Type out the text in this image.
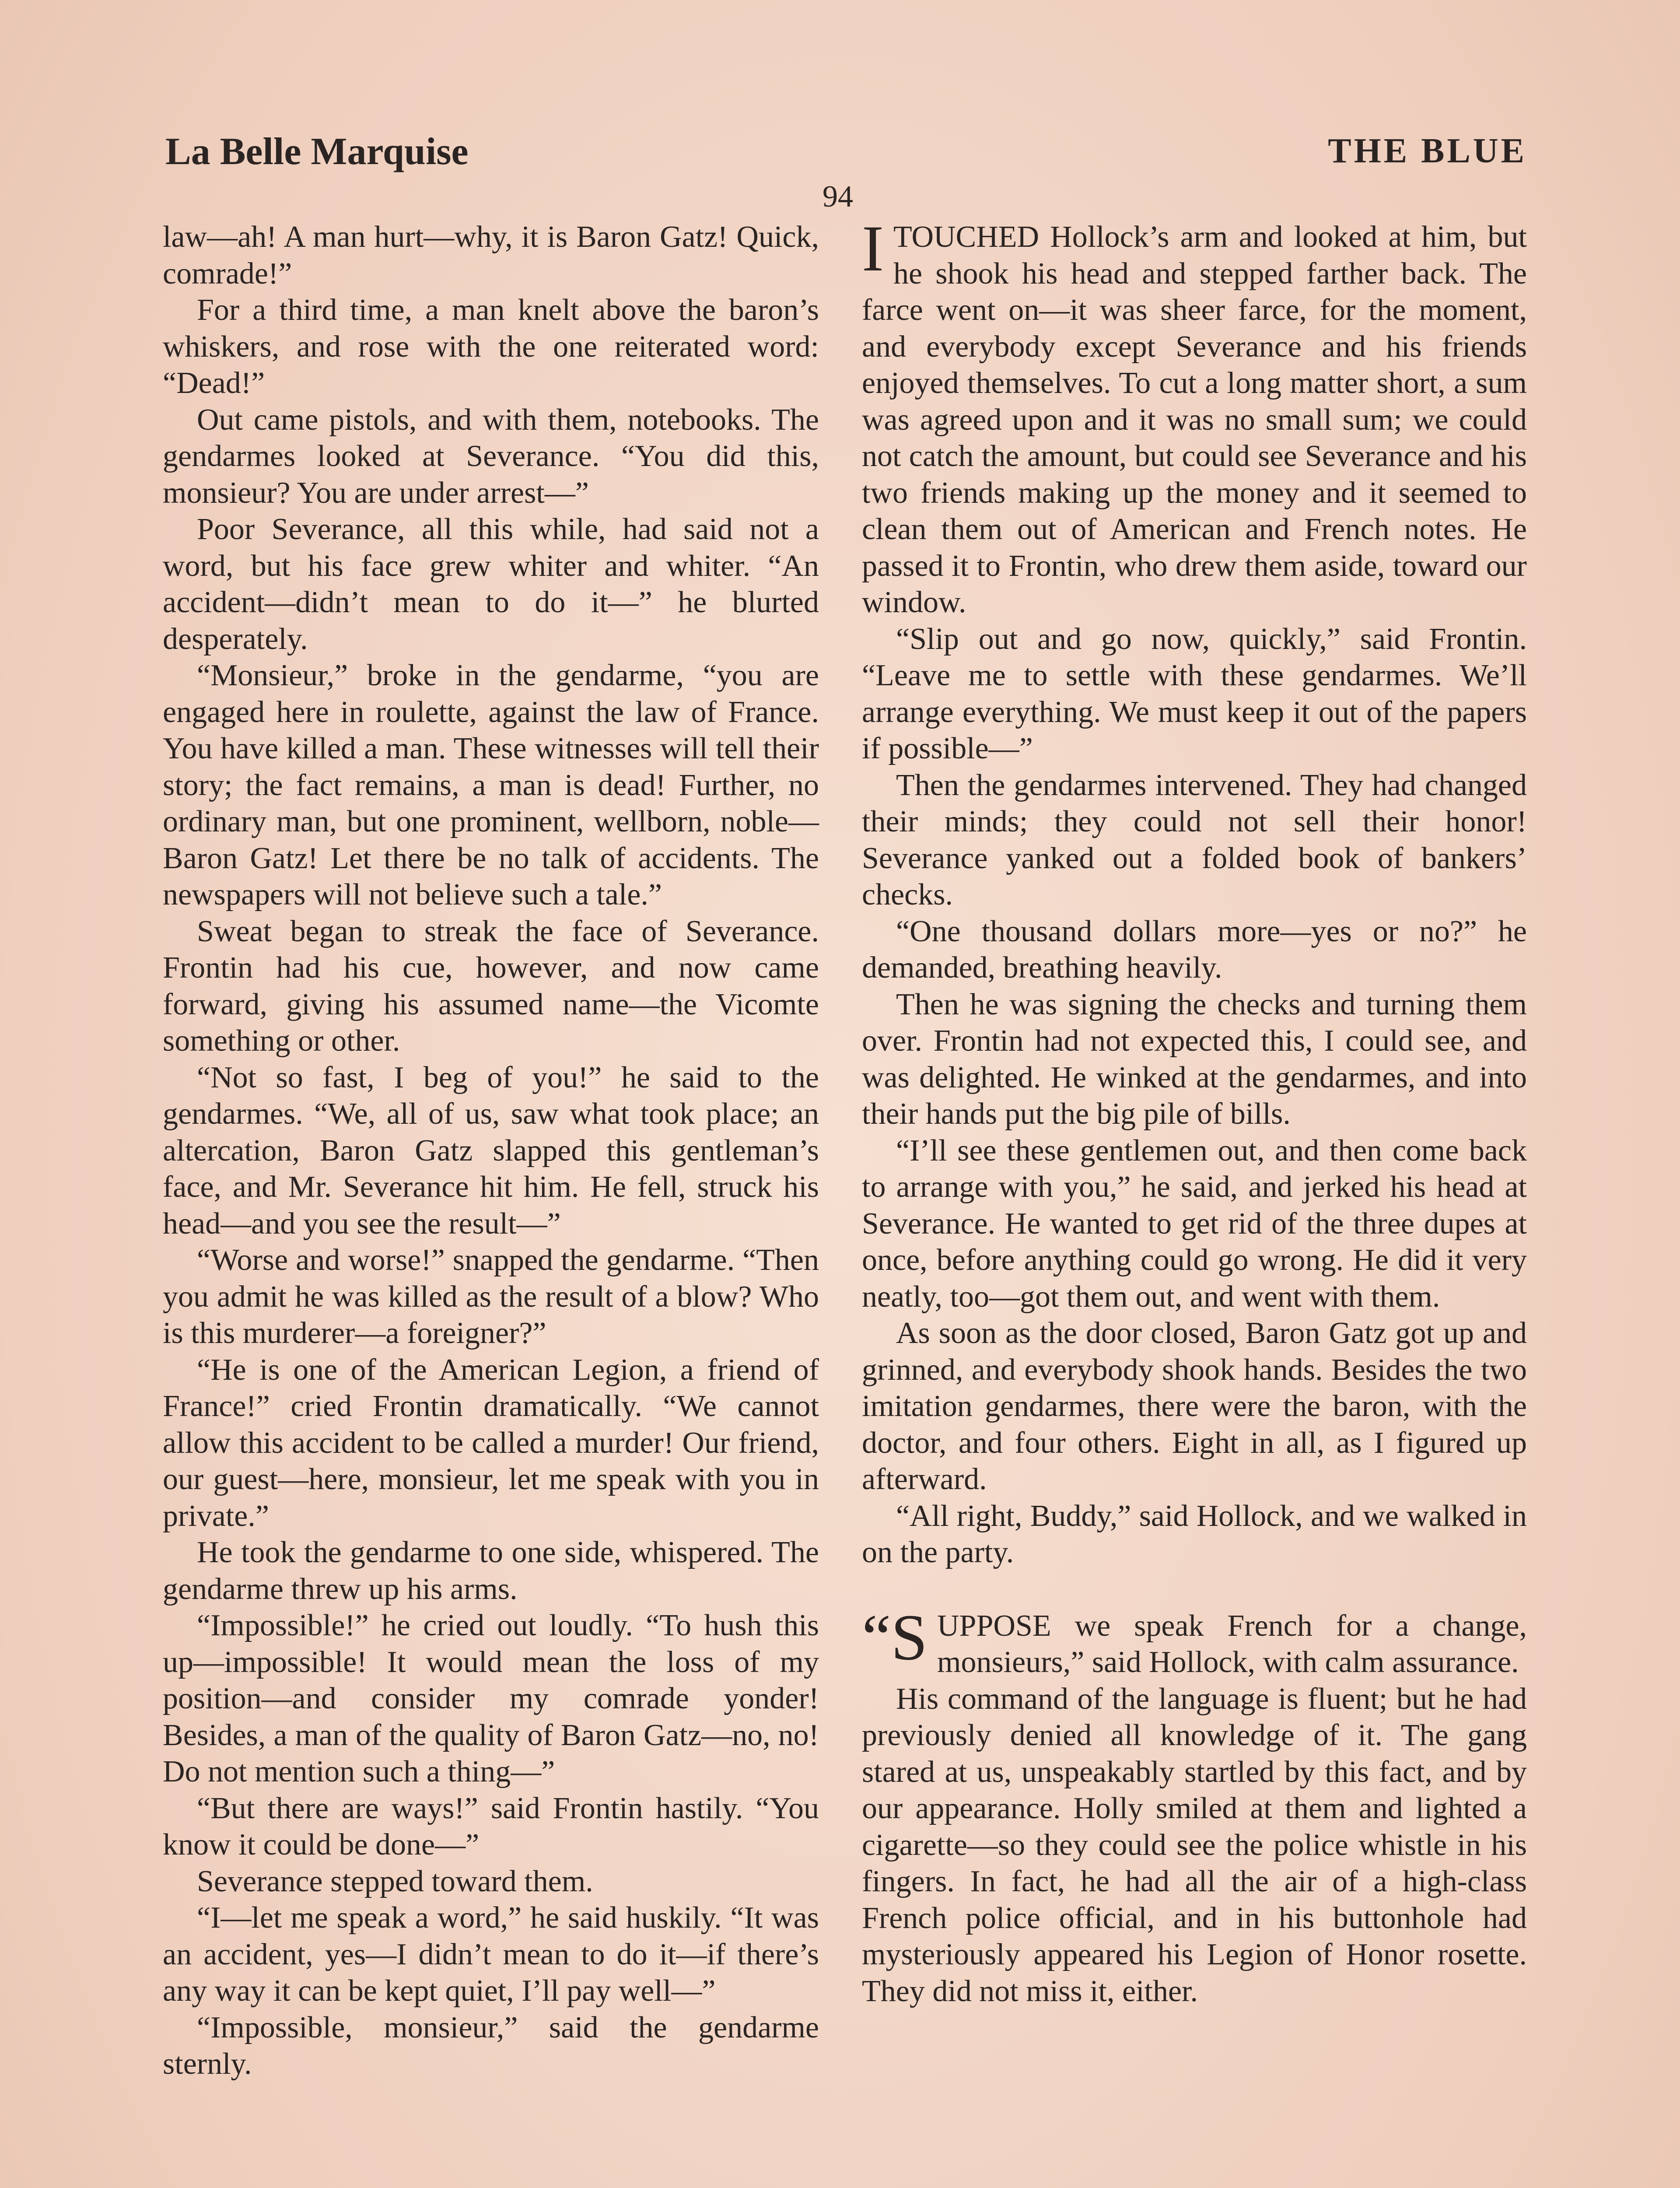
La Belle Marquise	THE BLUE
94

law—ah! A man hurt—why, it is Baron Gatz! Quick, comrade!”

For a third time, a man knelt above the baron’s whiskers, and rose with the one reiterated word: “Dead!”

Out came pistols, and with them, notebooks. The gendarmes looked at Severance. “You did this, monsieur? You are under arrest—”

Poor Severance, all this while, had said not a word, but his face grew whiter and whiter. “An accident—didn’t mean to do it—” he blurted desperately.

“Monsieur,” broke in the gendarme, “you are engaged here in roulette, against the law of France. You have killed a man. These witnesses will tell their story; the fact remains, a man is dead! Further, no ordinary man, but one prominent, wellborn, noble—Baron Gatz! Let there be no talk of accidents. The newspapers will not believe such a tale.”

Sweat began to streak the face of Severance. Frontin had his cue, however, and now came forward, giving his assumed name—the Vicomte something or other.

“Not so fast, I beg of you!” he said to the gendarmes. “We, all of us, saw what took place; an altercation, Baron Gatz slapped this gentleman’s face, and Mr. Severance hit him. He fell, struck his head—and you see the result—”

“Worse and worse!” snapped the gendarme. “Then you admit he was killed as the result of a blow? Who is this murderer—a foreigner?”

“He is one of the American Legion, a friend of France!” cried Frontin dramatically. “We cannot allow this accident to be called a murder! Our friend, our guest—here, monsieur, let me speak with you in private.”

He took the gendarme to one side, whispered. The gendarme threw up his arms.

“Impossible!” he cried out loudly. “To hush this up—impossible! It would mean the loss of my position—and consider my comrade yonder! Besides, a man of the quality of Baron Gatz—no, no! Do not mention such a thing—”

“But there are ways!” said Frontin hastily. “You know it could be done—”

Severance stepped toward them.

“I—let me speak a word,” he said huskily. “It was an accident, yes—I didn’t mean to do it—if there’s any way it can be kept quiet, I’ll pay well—”

“Impossible, monsieur,” said the gendarme sternly.

ITOUCHED Hollock’s arm and looked at him, but he shook his head and stepped farther back. The farce went on—it was sheer farce, for the moment, and everybody except Severance and his friends enjoyed themselves. To cut a long matter short, a sum was agreed upon and it was no small sum; we could not catch the amount, but could see Severance and his two friends making up the money and it seemed to clean them out of American and French notes. He passed it to Frontin, who drew them aside, toward our window.

“Slip out and go now, quickly,” said Frontin. “Leave me to settle with these gendarmes. We’ll arrange everything. We must keep it out of the papers if possible—”

Then the gendarmes intervened. They had changed their minds; they could not sell their honor! Severance yanked out a folded book of bankers’ checks.

“One thousand dollars more—yes or no?” he demanded, breathing heavily.

Then he was signing the checks and turning them over. Frontin had not expected this, I could see, and was delighted. He winked at the gendarmes, and into their hands put the big pile of bills.

“I’ll see these gentlemen out, and then come back to arrange with you,” he said, and jerked his head at Severance. He wanted to get rid of the three dupes at once, before anything could go wrong. He did it very neatly, too—got them out, and went with them.

As soon as the door closed, Baron Gatz got up and grinned, and everybody shook hands. Besides the two imitation gendarmes, there were the baron, with the doctor, and four others. Eight in all, as I figured up afterward.

“All right, Buddy,” said Hollock, and we walked in on the party.

“SUPPOSE we speak French for a change, monsieurs,” said Hollock, with calm assurance.

His command of the language is fluent; but he had previously denied all knowledge of it. The gang stared at us, unspeakably startled by this fact, and by our appearance. Holly smiled at them and lighted a cigarette—so they could see the police whistle in his fingers. In fact, he had all the air of a high-class French police official, and in his buttonhole had mysteriously appeared his Legion of Honor rosette. They did not miss it, either.
